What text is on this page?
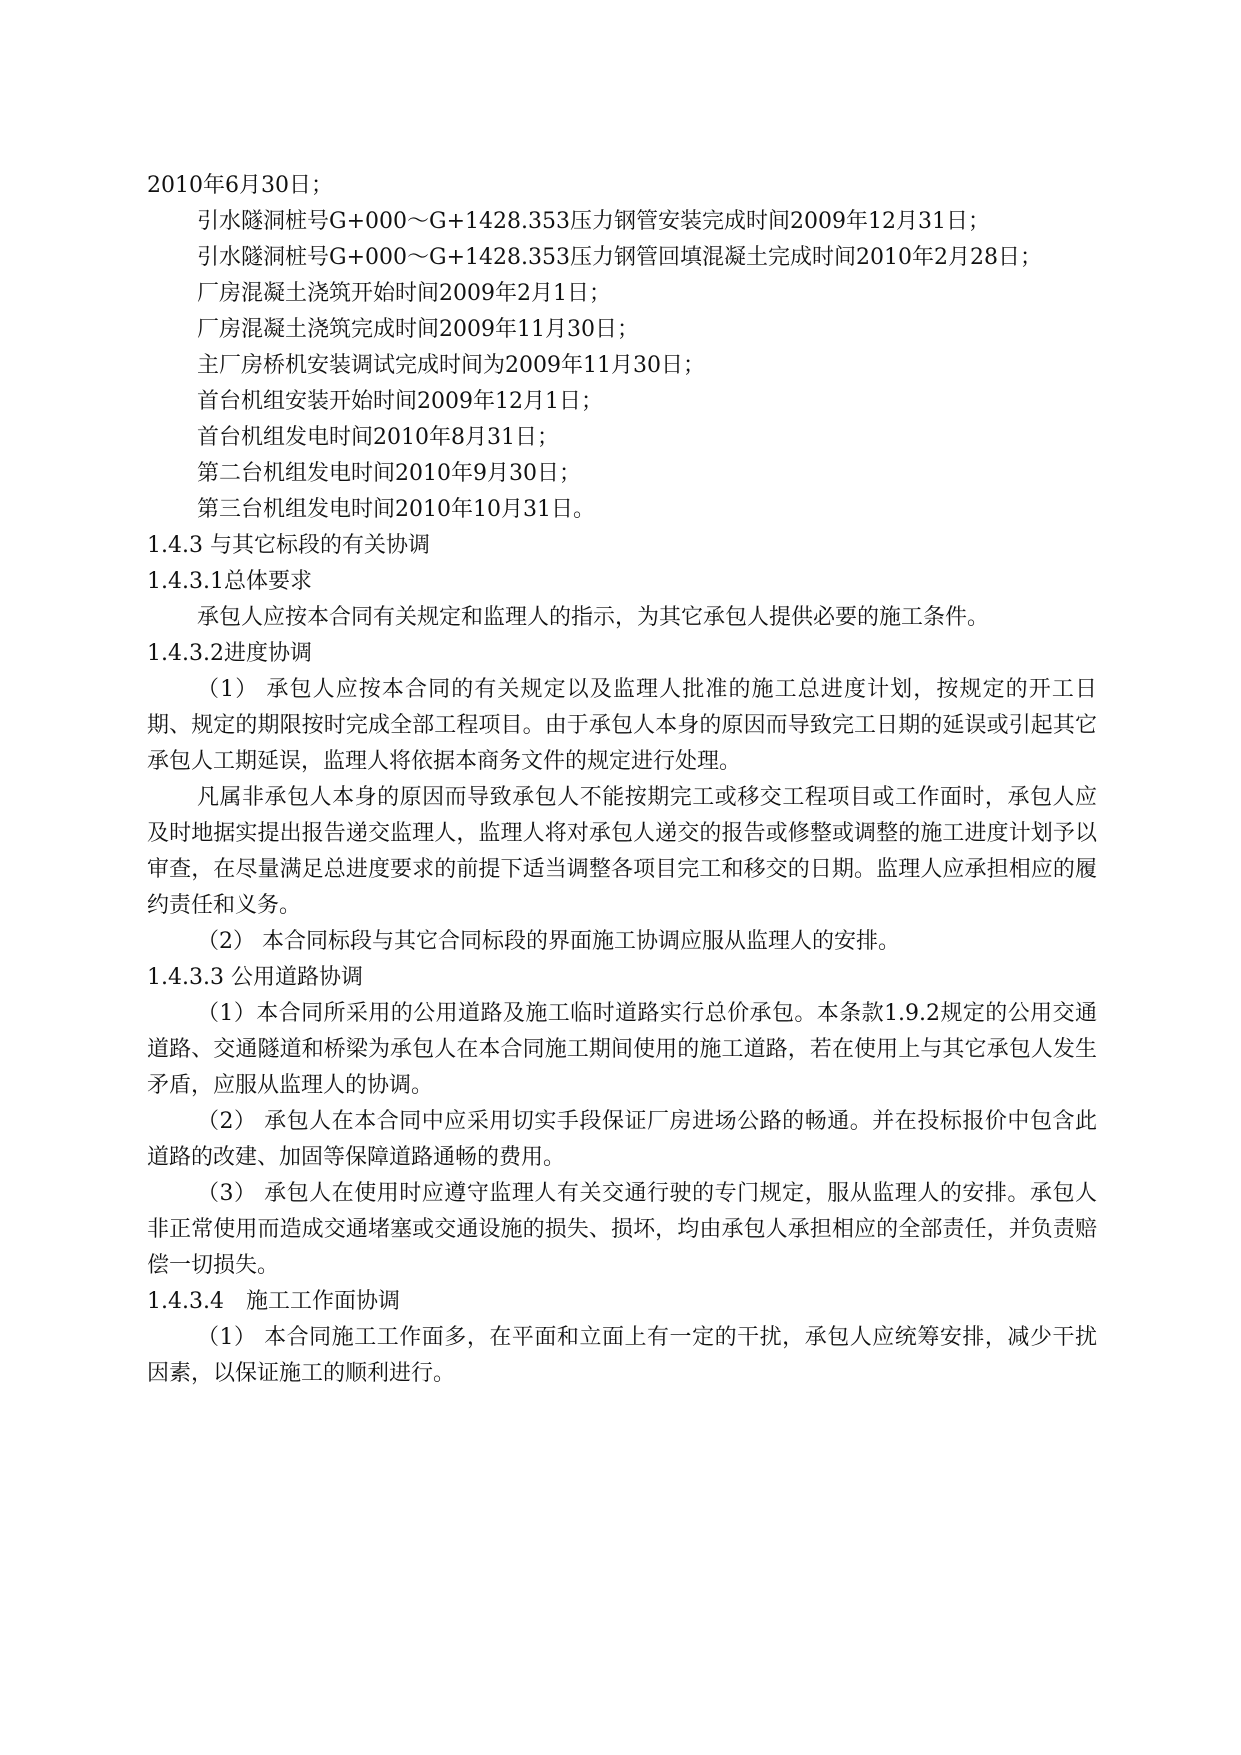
2010年6月30日；
引水隧洞桩号G+000～G+1428.353压力钢管安装完成时间2009年12月31日；
引水隧洞桩号G+000～G+1428.353压力钢管回填混凝土完成时间2010年2月28日；
厂房混凝土浇筑开始时间2009年2月1日；
厂房混凝土浇筑完成时间2009年11月30日；
主厂房桥机安装调试完成时间为2009年11月30日；
首台机组安装开始时间2009年12月1日；
首台机组发电时间2010年8月31日；
第二台机组发电时间2010年9月30日；
第三台机组发电时间2010年10月31日。
1.4.3 与其它标段的有关协调
1.4.3.1总体要求
承包人应按本合同有关规定和监理人的指示，为其它承包人提供必要的施工条件。
1.4.3.2进度协调
（1） 承包人应按本合同的有关规定以及监理人批准的施工总进度计划，按规定的开工日期、规定的期限按时完成全部工程项目。由于承包人本身的原因而导致完工日期的延误或引起其它承包人工期延误，监理人将依据本商务文件的规定进行处理。
凡属非承包人本身的原因而导致承包人不能按期完工或移交工程项目或工作面时，承包人应及时地据实提出报告递交监理人，监理人将对承包人递交的报告或修整或调整的施工进度计划予以审查，在尽量满足总进度要求的前提下适当调整各项目完工和移交的日期。监理人应承担相应的履约责任和义务。
（2） 本合同标段与其它合同标段的界面施工协调应服从监理人的安排。
1.4.3.3 公用道路协调
（1）本合同所采用的公用道路及施工临时道路实行总价承包。本条款1.9.2规定的公用交通道路、交通隧道和桥梁为承包人在本合同施工期间使用的施工道路，若在使用上与其它承包人发生矛盾，应服从监理人的协调。
（2） 承包人在本合同中应采用切实手段保证厂房进场公路的畅通。并在投标报价中包含此道路的改建、加固等保障道路通畅的费用。
（3） 承包人在使用时应遵守监理人有关交通行驶的专门规定，服从监理人的安排。承包人非正常使用而造成交通堵塞或交通设施的损失、损坏，均由承包人承担相应的全部责任，并负责赔偿一切损失。
1.4.3.4　施工工作面协调
（1） 本合同施工工作面多，在平面和立面上有一定的干扰，承包人应统筹安排，减少干扰因素，以保证施工的顺利进行。
